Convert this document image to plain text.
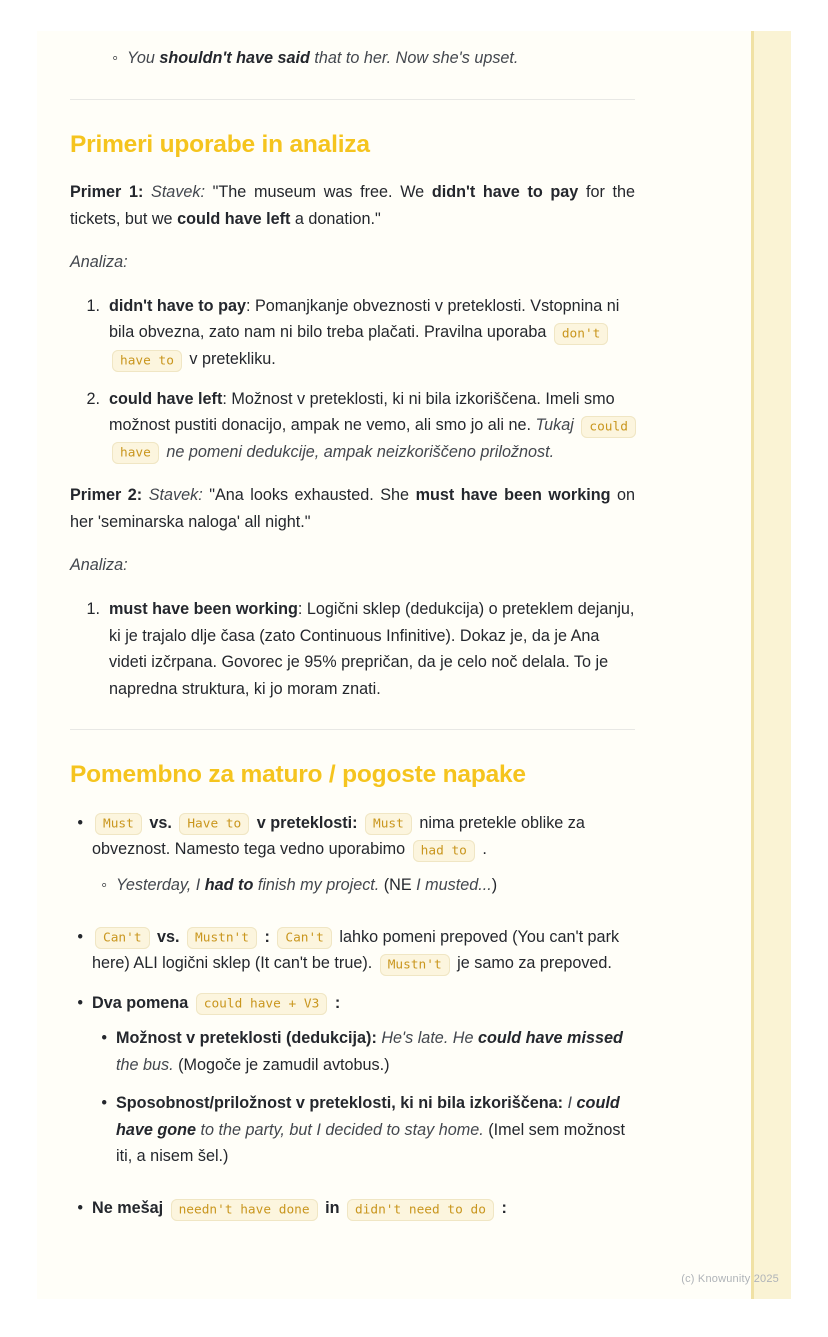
◦ You shouldn't have said that to her. Now she's upset.
Primeri uporabe in analiza

Primer 1: Stavek: "The museum was free. We didn't have to pay for the tickets, but we could have left a donation."

Analiza:

1. didn't have to pay: Pomanjkanje obveznosti v preteklosti. Vstopnina ni bila obvezna, zato nam ni bilo treba plačati. Pravilna uporaba don't have to v pretekliku.
2. could have left: Možnost v preteklosti, ki ni bila izkoriščena. Imeli smo možnost pustiti donacijo, ampak ne vemo, ali smo jo ali ne. Tukaj could have ne pomeni dedukcije, ampak neizkoriščeno priložnost.

Primer 2: Stavek: "Ana looks exhausted. She must have been working on her 'seminarska naloga' all night."

Analiza:

1. must have been working: Logični sklep (dedukcija) o preteklem dejanju, ki je trajalo dlje časa (zato Continuous Infinitive). Dokaz je, da je Ana videti izčrpana. Govorec je 95% prepričan, da je celo noč delala. To je napredna struktura, ki jo moram znati.
Pomembno za maturo / pogoste napake
•	Must vs. Have to v preteklosti: Must nima pretekle oblike za obveznost. Namesto tega vedno uporabimo had to .
◦ Yesterday, I had to finish my project. (NE I musted...)
•	Can't vs. Mustn't : Can't lahko pomeni prepoved (You can't park here) ALI logični sklep (It can't be true). Mustn't je samo za prepoved.
• Dva pomena could have + V3 :
• Možnost v preteklosti (dedukcija): He's late. He could have missed the bus. (Mogoče je zamudil avtobus.)
• Sposobnost/priložnost v preteklosti, ki ni bila izkoriščena: I could have gone to the party, but I decided to stay home. (Imel sem možnost iti, a nisem šel.)
• Ne mešaj needn't have done in didn't need to do :
(c) Knowunity 2025
